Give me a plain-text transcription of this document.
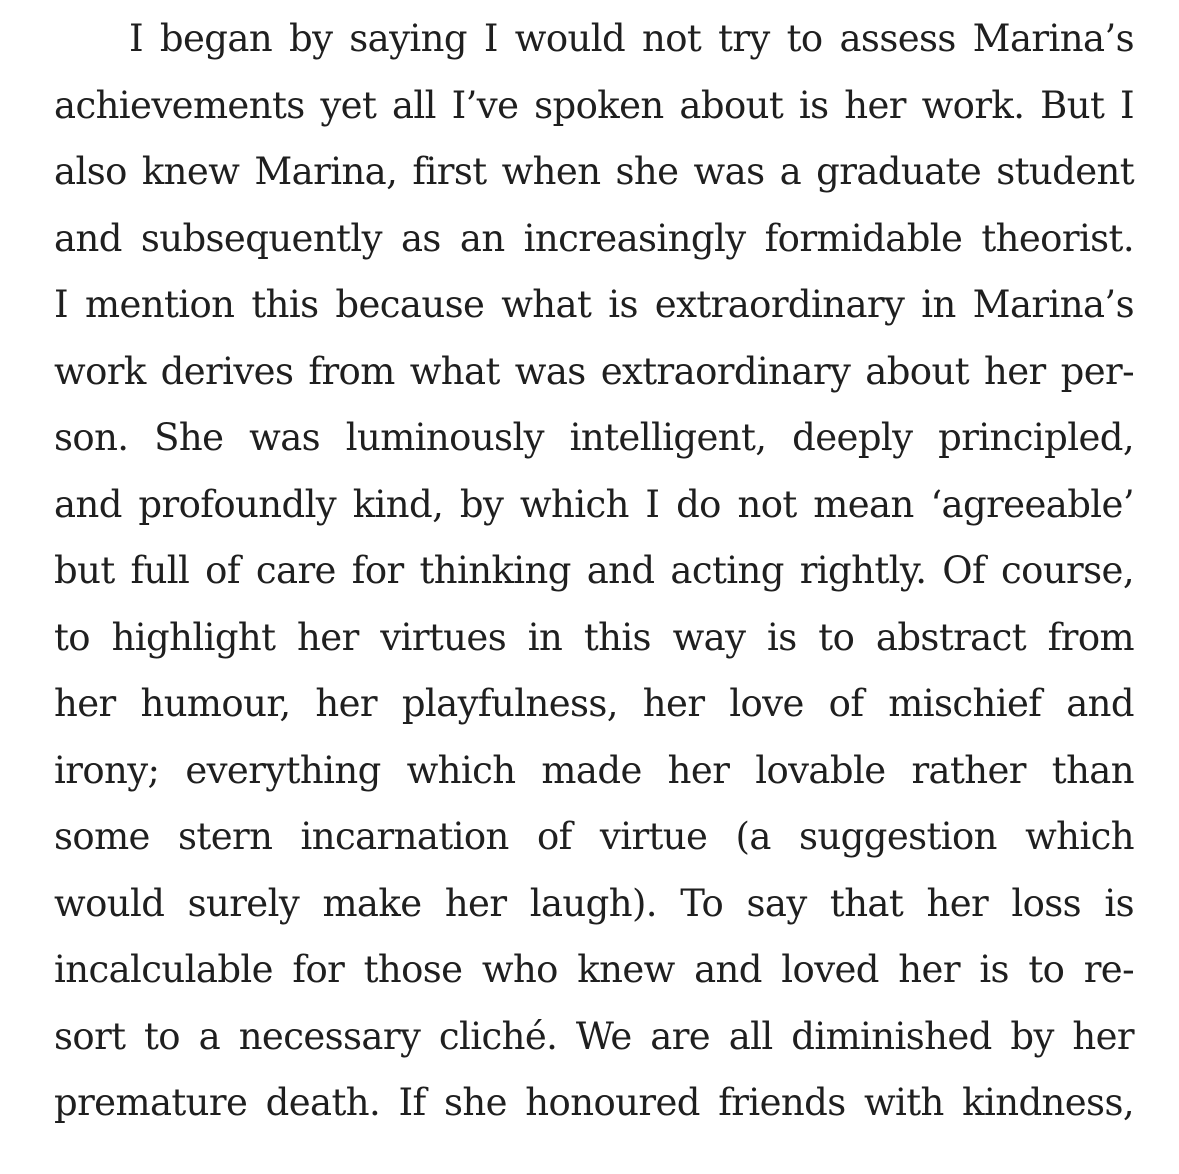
I began by saying I would not try to assess Marina’s
achievements yet all I’ve spoken about is her work. But I
also knew Marina, first when she was a graduate student
and subsequently as an increasingly formidable theorist.
I mention this because what is extraordinary in Marina’s
work derives from what was extraordinary about her per-
son. She was luminously intelligent, deeply principled,
and profoundly kind, by which I do not mean ‘agreeable’
but full of care for thinking and acting rightly. Of course,
to highlight her virtues in this way is to abstract from
her humour, her playfulness, her love of mischief and
irony; everything which made her lovable rather than
some stern incarnation of virtue (a suggestion which
would surely make her laugh). To say that her loss is
incalculable for those who knew and loved her is to re-
sort to a necessary cliché. We are all diminished by her
premature death. If she honoured friends with kindness,
